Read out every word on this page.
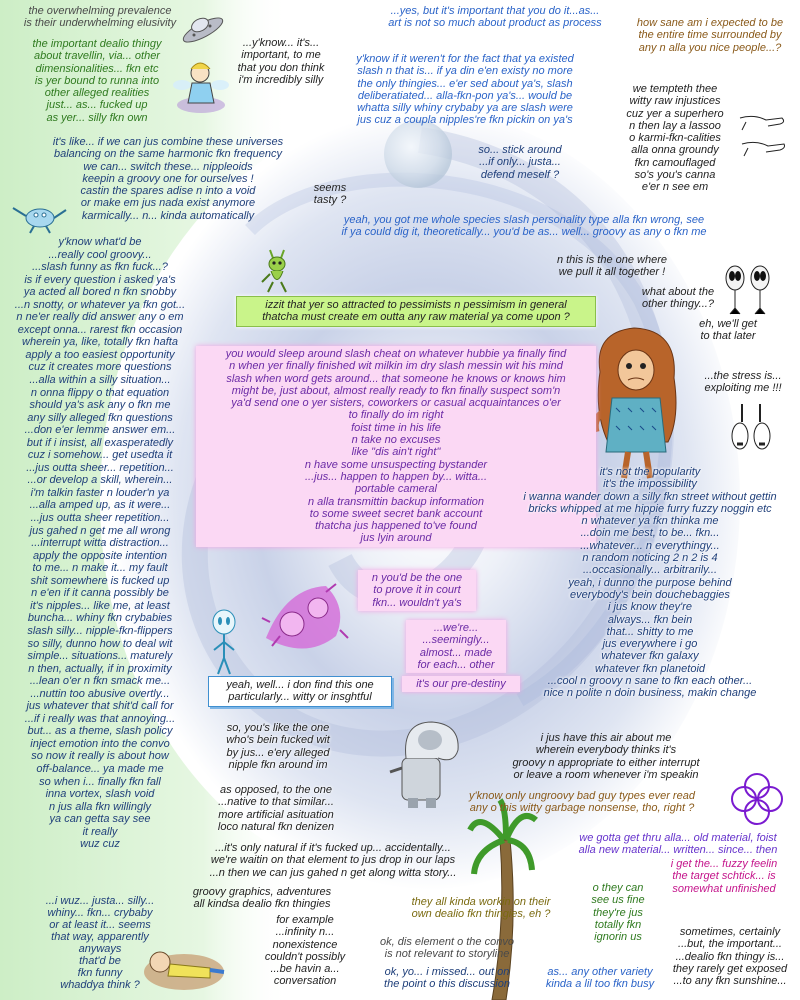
the overwhelming prevalence
is their underwhelming elusivity
the important dealio thingy
about travellin, via... other
dimensionalities... fkn etc
is yer bound to runna into
other alleged realities
just... as... fucked up
as yer... silly fkn own
it's like... if we can jus combine these universes
balancing on the same harmonic fkn frequency
we can... switch these... nippleoids
keepin a groovy one for ourselves !
castin the spares adise n into a void
or make em jus nada exist anymore
karmically... n... kinda automatically
y'know what'd be
...really cool groovy...
...slash funny as fkn fuck...?
is if every question i asked ya's
ya acted all bored n fkn snobby
...n snotty, or whatever ya fkn got...
n ne'er really did answer any o em
except onna... rarest fkn occasion
wherein ya, like, totally fkn hafta
apply a too easiest opportunity
cuz it creates more questions
...alla within a silly situation...
n onna flippy o that equation
should ya's ask any o fkn me
any silly alleged fkn questions
...don e'er lemme answer em...
but if i insist, all exasperatedly
cuz i somehow... get usedta it
...jus outta sheer... repetition...
...or develop a skill, wherein...
i'm talkin faster n louder'n ya
...alla amped up, as it were...
...jus outta sheer repetition...
jus gahed n get me all wrong
...interrupt witta distraction...
apply the opposite intention
to me... n make it... my fault
shit somewhere is fucked up
n e'en if it canna possibly be
it's nipples... like me, at least
buncha... whiny fkn crybabies
slash silly... nipple-fkn-flippers
so silly, dunno how to deal wit
simple... situations... maturely
n then, actually, if in proximity
...lean o'er n fkn smack me...
...nuttin too abusive overtly...
jus whatever that shit'd call for
...if i really was that annoying...
but... as a theme, slash policy
inject emotion into the convo
so now it really is about how
off-balance... ya made me
so when i... finally fkn fall
inna vortex, slash void
n jus alla fkn willingly
ya can getta say see
it really
wuz cuz
...i wuz... justa... silly...
whiny... fkn... crybaby
or at least it... seems
that way, apparently
anyways
that'd be
fkn funny
whaddya think ?
...y'know... it's...
important, to me
that you don think
i'm incredibly silly
...yes, but it's important that you do it...as...
art is not so much about product as process
y'know if it weren't for the fact that ya existed
slash n that is... if ya din e'en existy no more
the only thingies... e'er sed about ya's, slash
deliberatiated... alla-fkn-pon ya's... would be
whatta silly whiny crybaby ya are slash were
jus cuz a coupla nipples're fkn pickin on ya's
so... stick around
...if only... justa...
defend meself ?
seems
tasty ?
yeah, you got me whole species slash personality type alla fkn wrong, see
if ya could dig it, theoretically... you'd be as... well... groovy as any o fkn me
izzit that yer so attracted to pessimists n pessimism in general
thatcha must create em outta any raw material ya come upon ?
you would sleep around slash cheat on whatever hubbie ya finally find
n when yer finally finished wit milkin im dry slash messin wit his mind
slash when word gets around... that someone he knows or knows him
might be, just about, almost really ready to fkn finally suspect som'n
ya'd send one o yer sisters, coworkers or casual acquaintances o'er
to finally do im right
foist time in his life
n take no excuses
like "dis ain't right"
n have some unsuspecting bystander
...jus... happen to happen by... witta...
portable cameral
n alla transmittin backup information
to some sweet secret bank account
thatcha jus happened to've found
jus lyin around
n you'd be the one
to prove it in court
fkn... wouldn't ya's
...we're...
...seemingly...
almost... made
for each... other
it's our pre-destiny
yeah, well... i don find this one
particularly... witty or insghtful
so, you's like the one
who's bein fucked wit
by jus... e'ery alleged
nipple fkn around im
as opposed, to the one
...native to that similar...
more artificial asituation
loco natural fkn denizen
...it's only natural if it's fucked up... accidentally...
we're waitin on that element to jus drop in our laps
...n then we can jus gahed n get along witta story...
groovy graphics, adventures
all kindsa dealio fkn thingies
for example
...infinity n...
nonexistence
couldn't possibly
...be havin a...
conversation
they all kinda workin on their
own dealio fkn thingies, eh ?
ok, dis element o the convo
is not relevant to storyline
ok, yo... i missed... out on
the point o this discussion
o they can
see us fine
they're jus
totally fkn
ignorin us
how sane am i expected to be
the entire time surrounded by
any n alla you nice people...?
we tempteth thee
witty raw injustices
cuz yer a superhero
n then lay a lassoo
o karmi-fkn-calities
alla onna groundy
fkn camouflaged
so's you's canna
e'er n see em
n this is the one where
we pull it all together !
what about the
other thingy...?
eh, we'll get
to that later
...the stress is...
exploiting me !!!
it's not the popularity
it's the impossibility
i wanna wander down a silly fkn street without gettin
bricks whipped at me hippie furry fuzzy noggin etc
n whatever ya fkn thinka me
...doin me best, to be... fkn...
...whatever... n everythingy...
n random noticing 2 n 2 is 4
...occasionally... arbitrarily...
yeah, i dunno the purpose behind
everybody's bein douchebaggies
i jus know they're
always... fkn bein
that... shitty to me
jus everywhere i go
whatever fkn galaxy
whatever fkn planetoid
...cool n groovy n sane to fkn each other...
nice n polite n doin business, makin change
i jus have this air about me
wherein everybody thinks it's
groovy n appropriate to either interrupt
or leave a room whenever i'm speakin
y'know only ungroovy bad guy types ever read
any o this witty garbage nonsense, tho, right ?
we gotta get thru alla... old material, foist
alla new material... written... since... then
i get the... fuzzy feelin
the target schtick... is
somewhat unfinished
sometimes, certainly
...but, the important...
...dealio fkn thingy is...
they rarely get exposed
...to any fkn sunshine...
as... any other variety
kinda a lil too fkn busy
